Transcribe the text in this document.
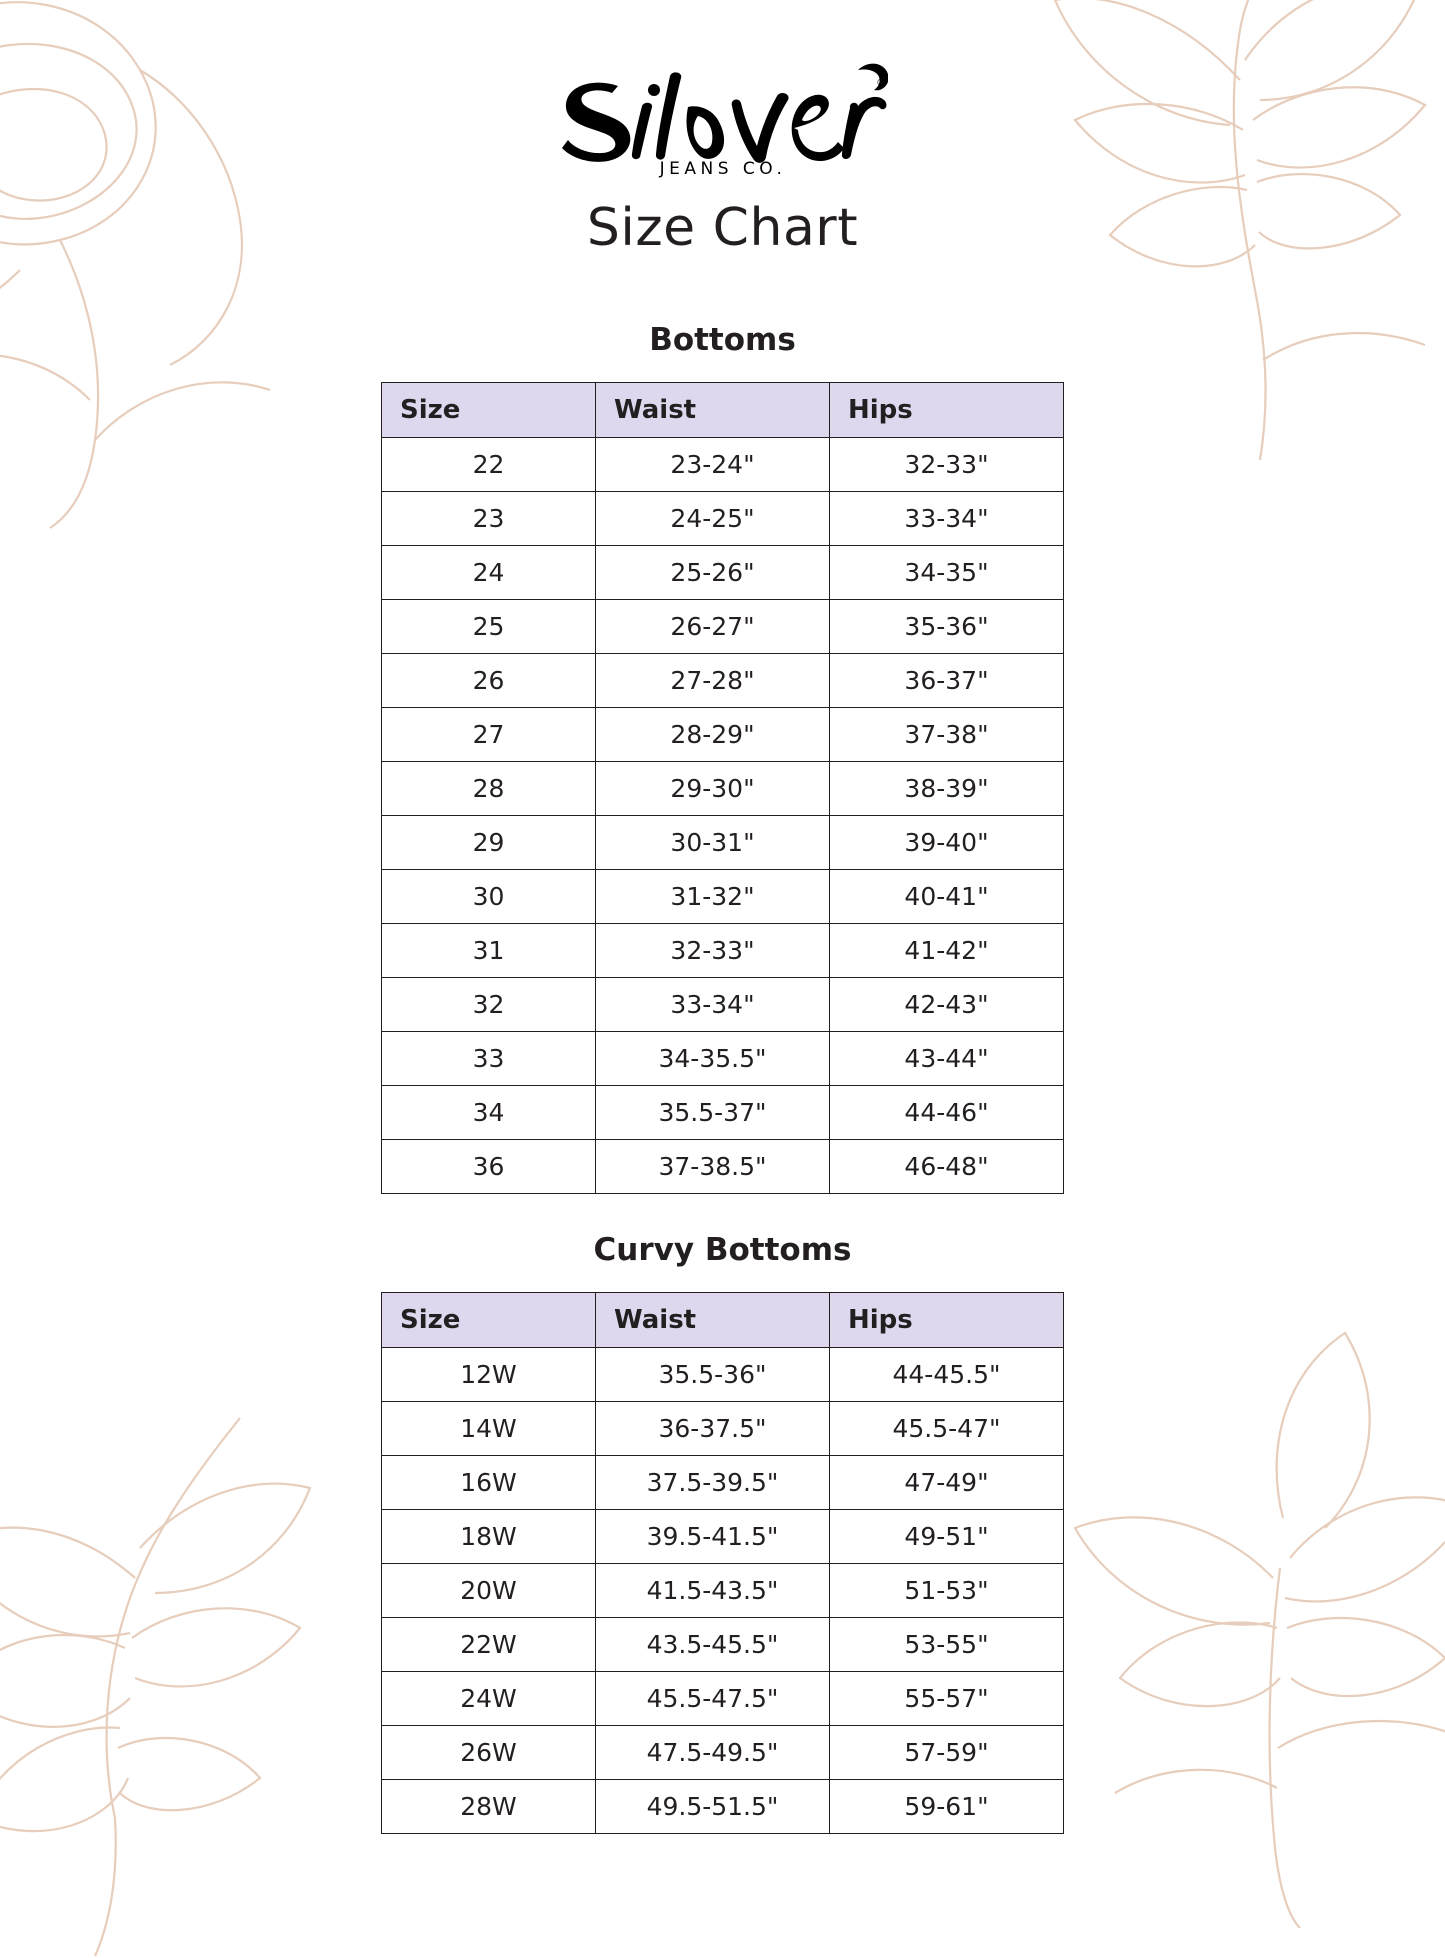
®
JEANS CO.
Size Chart
Bottoms
Size	Waist	Hips
22	23-24"	32-33"
23	24-25"	33-34"
24	25-26"	34-35"
25	26-27"	35-36"
26	27-28"	36-37"
27	28-29"	37-38"
28	29-30"	38-39"
29	30-31"	39-40"
30	31-32"	40-41"
31	32-33"	41-42"
32	33-34"	42-43"
33	34-35.5"	43-44"
34	35.5-37"	44-46"
36	37-38.5"	46-48"
Curvy Bottoms
Size	Waist	Hips
12W	35.5-36"	44-45.5"
14W	36-37.5"	45.5-47"
16W	37.5-39.5"	47-49"
18W	39.5-41.5"	49-51"
20W	41.5-43.5"	51-53"
22W	43.5-45.5"	53-55"
24W	45.5-47.5"	55-57"
26W	47.5-49.5"	57-59"
28W	49.5-51.5"	59-61"
